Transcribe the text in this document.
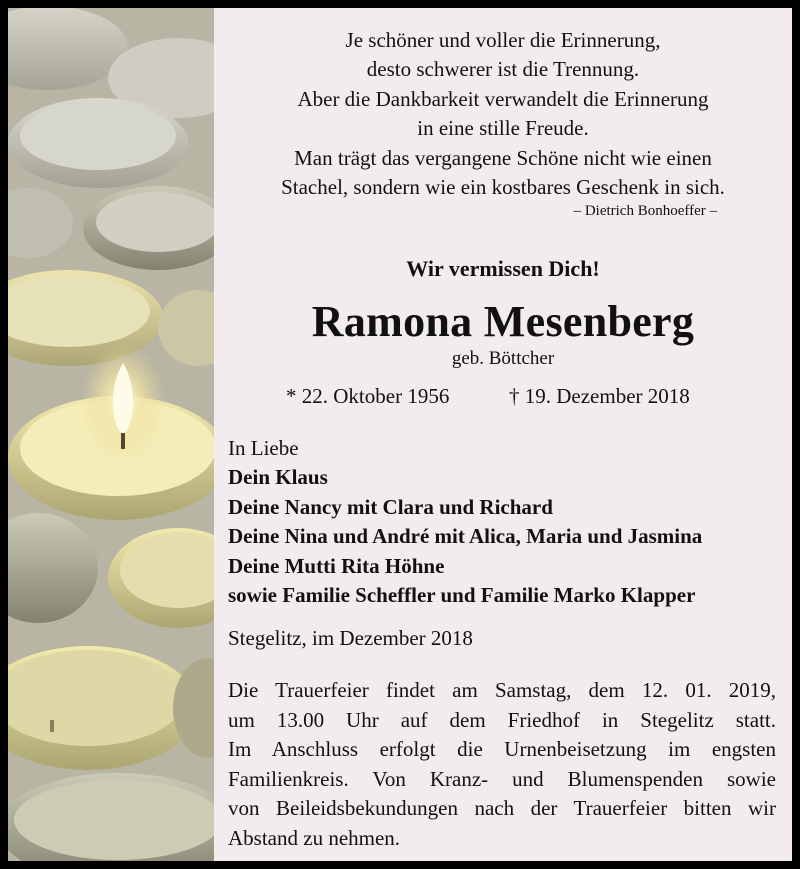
Je schöner und voller die Erinnerung,
desto schwerer ist die Trennung.
Aber die Dankbarkeit verwandelt die Erinnerung
in eine stille Freude.
Man trägt das vergangene Schöne nicht wie einen
Stachel, sondern wie ein kostbares Geschenk in sich.
– Dietrich Bonhoeffer –
Wir vermissen Dich!
Ramona Mesenberg
geb. Böttcher
* 22. Oktober 1956	† 19. Dezember 2018
In Liebe
Dein Klaus
Deine Nancy mit Clara und Richard
Deine Nina und André mit Alica, Maria und Jasmina
Deine Mutti Rita Höhne
sowie Familie Scheffler und Familie Marko Klapper
Stegelitz, im Dezember 2018
Die Trauerfeier findet am Samstag, dem 12. 01. 2019,
um 13.00 Uhr auf dem Friedhof in Stegelitz statt.
Im Anschluss erfolgt die Urnenbeisetzung im engsten
Familienkreis. Von Kranz- und Blumenspenden sowie
von Beileidsbekundungen nach der Trauerfeier bitten wir
Abstand zu nehmen.
